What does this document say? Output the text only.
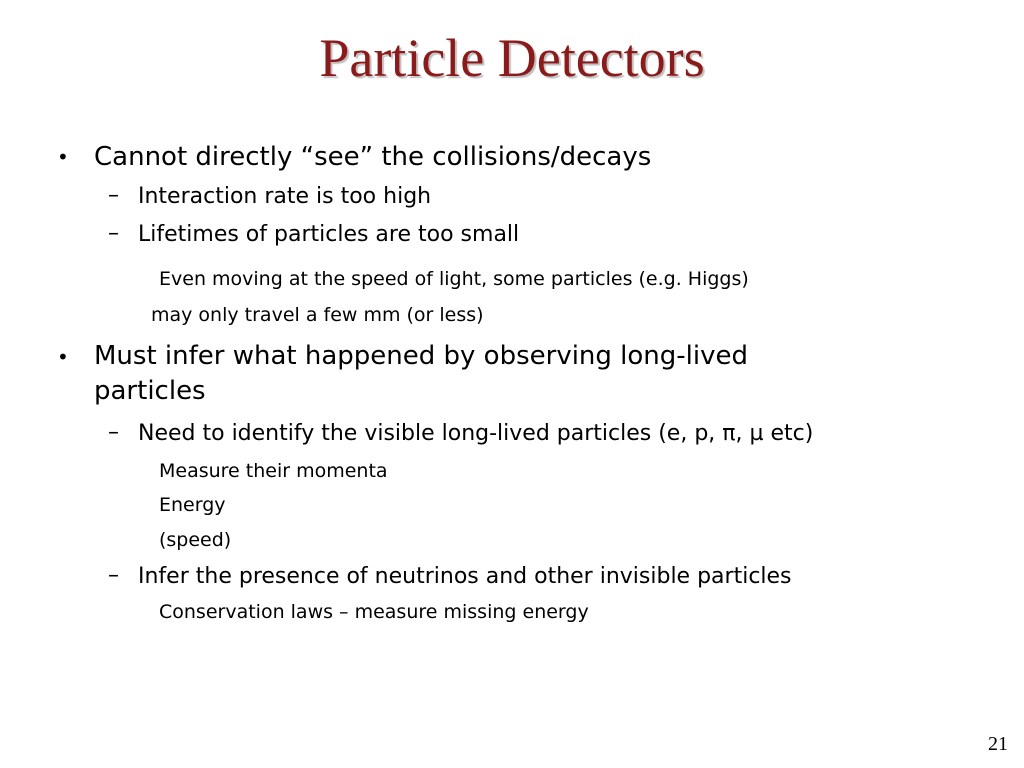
Particle Detectors
• Cannot directly “see” the collisions/decays
– Interaction rate is too high
– Lifetimes of particles are too small
Even moving at the speed of light, some particles (e.g. Higgs)
may only travel a few mm (or less)
• Must infer what happened by observing long-lived
particles
– Need to identify the visible long-lived particles (e, p, π, µ etc)
Measure their momenta
Energy
(speed)
– Infer the presence of neutrinos and other invisible particles
Conservation laws – measure missing energy
21
